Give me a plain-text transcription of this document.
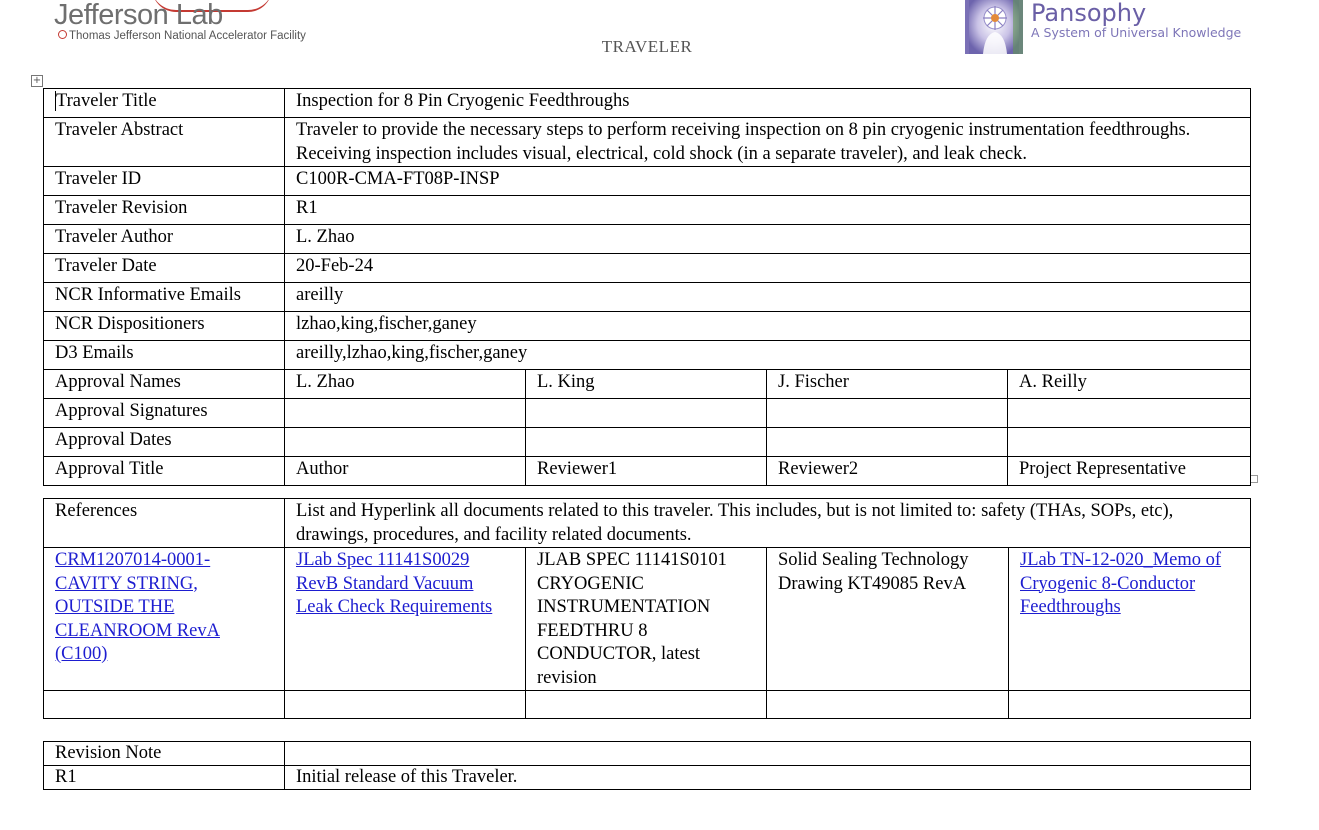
Jefferson Lab
Thomas Jefferson National Accelerator Facility
TRAVELER
Pansophy
A System of Universal Knowledge
+
Traveler Title	Inspection for 8 Pin Cryogenic Feedthroughs			
Traveler Abstract	Traveler to provide the necessary steps to perform receiving inspection on 8 pin cryogenic instrumentation feedthroughs. Receiving inspection includes visual, electrical, cold shock (in a separate traveler), and leak check.			
Traveler ID	C100R-CMA-FT08P-INSP			
Traveler Revision	R1			
Traveler Author	L. Zhao			
Traveler Date	20-Feb-24			
NCR Informative Emails	areilly			
NCR Dispositioners	lzhao,king,fischer,ganey			
D3 Emails	areilly,lzhao,king,fischer,ganey			
Approval Names	L. Zhao	L. King	J. Fischer	A. Reilly
Approval Signatures				
Approval Dates				
Approval Title	Author	Reviewer1	Reviewer2	Project Representative
References	List and Hyperlink all documents related to this traveler. This includes, but is not limited to: safety (THAs, SOPs, etc), drawings, procedures, and facility related documents.			
CRM1207014-0001-CAVITY STRING, OUTSIDE THE CLEANROOM RevA (C100)	JLab Spec 11141S0029 RevB Standard Vacuum Leak Check Requirements	JLAB SPEC 11141S0101 CRYOGENIC INSTRUMENTATION FEEDTHRU 8 CONDUCTOR, latest revision	Solid Sealing Technology Drawing KT49085 RevA	JLab TN-12-020_Memo of Cryogenic 8-Conductor Feedthroughs

Revision Note	
R1	Initial release of this Traveler.
